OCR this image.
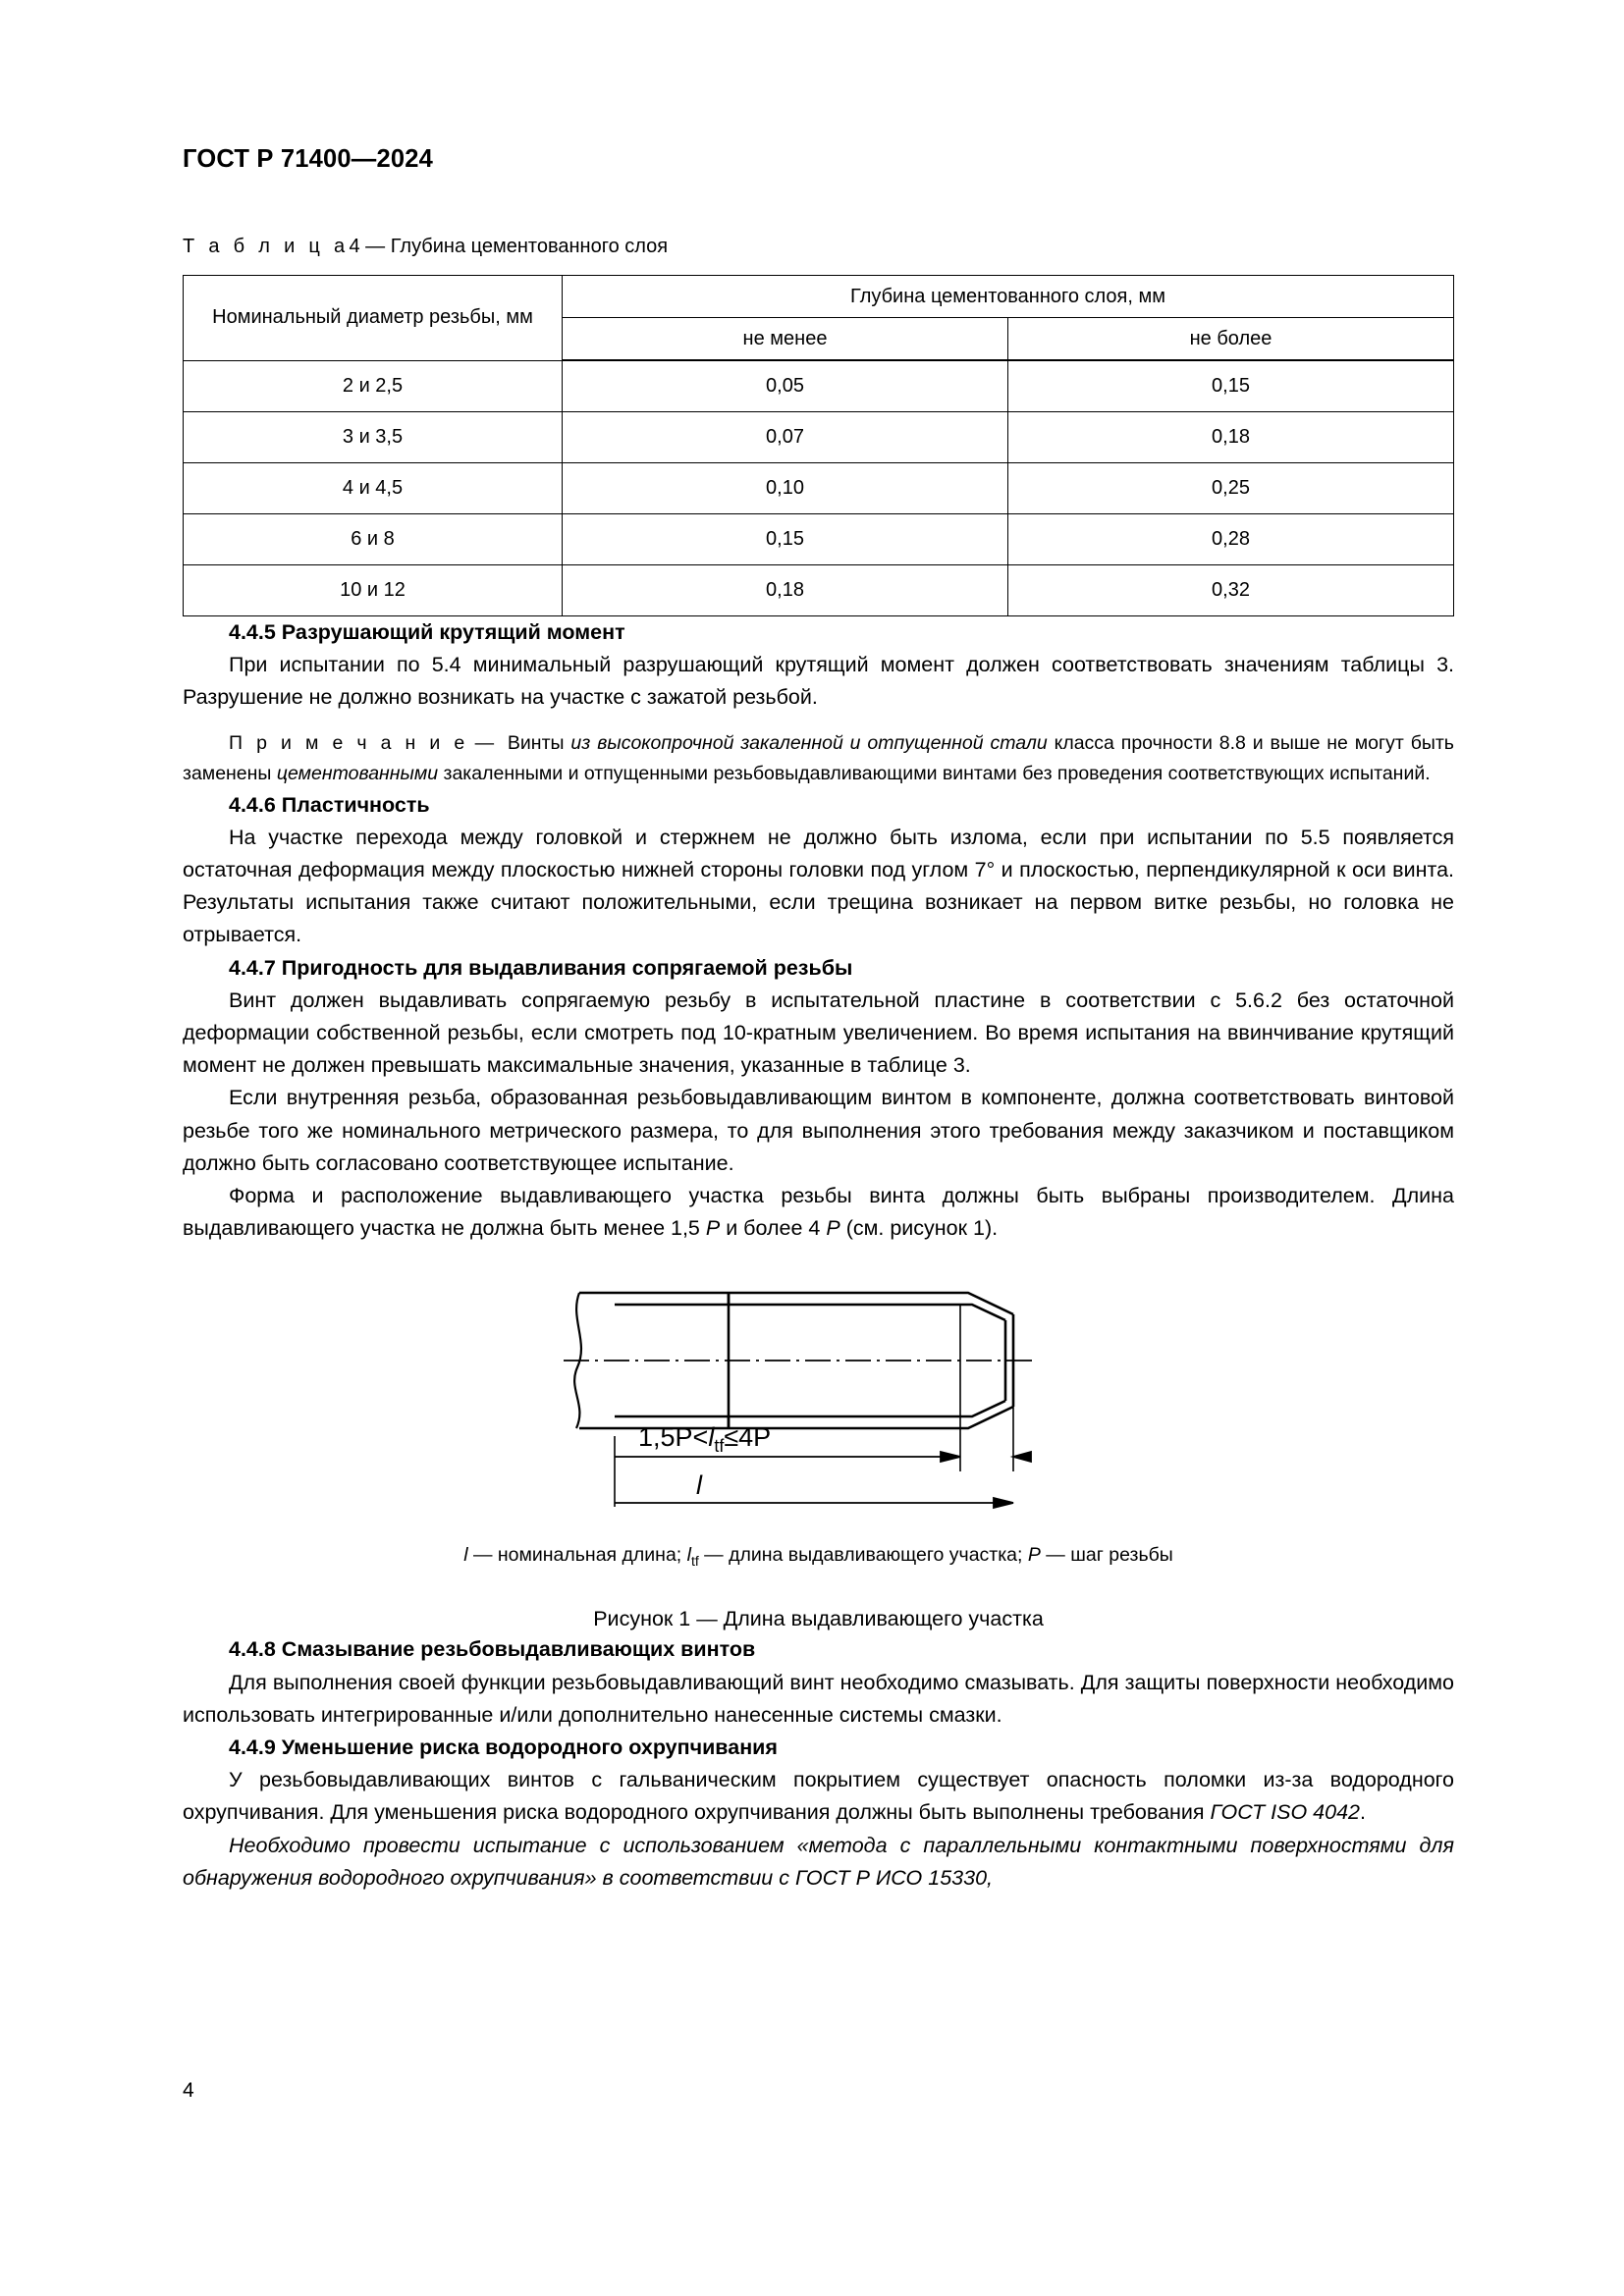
ГОСТ Р 71400—2024
Т а б л и ц а4 — Глубина цементованного слоя
Номинальный диаметр резьбы, мм	Глубина цементованного слоя, мм	
	не менее	не более
2 и 2,5	0,05	0,15
3 и 3,5	0,07	0,18
4 и 4,5	0,10	0,25
6 и 8	0,15	0,28
10 и 12	0,18	0,32
4.4.5 Разрушающий крутящий момент

При испытании по 5.4 минимальный разрушающий крутящий момент должен соответствовать значениям таблицы 3. Разрушение не должно возникать на участке с зажатой резьбой.

П р и м е ч а н и е — Винты из высокопрочной закаленной и отпущенной стали класса прочности 8.8 и выше не могут быть заменены цементованными закаленными и отпущенными резьбовыдавливающими винтами без проведения соответствующих испытаний.

4.4.6 Пластичность

На участке перехода между головкой и стержнем не должно быть излома, если при испытании по 5.5 появляется остаточная деформация между плоскостью нижней стороны головки под углом 7° и плоскостью, перпендикулярной к оси винта. Результаты испытания также считают положительными, если трещина возникает на первом витке резьбы, но головка не отрывается.

4.4.7 Пригодность для выдавливания сопрягаемой резьбы

Винт должен выдавливать сопрягаемую резьбу в испытательной пластине в соответствии с 5.6.2 без остаточной деформации собственной резьбы, если смотреть под 10-кратным увеличением. Во время испытания на ввинчивание крутящий момент не должен превышать максимальные значения, указанные в таблице 3.

Если внутренняя резьба, образованная резьбовыдавливающим винтом в компоненте, должна соответствовать винтовой резьбе того же номинального метрического размера, то для выполнения этого требования между заказчиком и поставщиком должно быть согласовано соответствующее испытание.

Форма и расположение выдавливающего участка резьбы винта должны быть выбраны производителем. Длина выдавливающего участка не должна быть менее 1,5 P и более 4 P (см. рисунок 1).

$1,5P<l_{tf}\le 4P$
l

l — номинальная длина; $l_{tf}$ — длина выдавливающего участка; P — шаг резьбы

Рисунок 1 — Длина выдавливающего участка

4.4.8 Смазывание резьбовыдавливающих винтов

Для выполнения своей функции резьбовыдавливающий винт необходимо смазывать. Для защиты поверхности необходимо использовать интегрированные и/или дополнительно нанесенные системы смазки.

4.4.9 Уменьшение риска водородного охрупчивания

У резьбовыдавливающих винтов с гальваническим покрытием существует опасность поломки из-за водородного охрупчивания. Для уменьшения риска водородного охрупчивания должны быть выполнены требования ГОСТ ISO 4042.

Необходимо провести испытание с использованием «метода с параллельными контактными поверхностями для обнаружения водородного охрупчивания» в соответствии с ГОСТ Р ИСО 15330,

4
